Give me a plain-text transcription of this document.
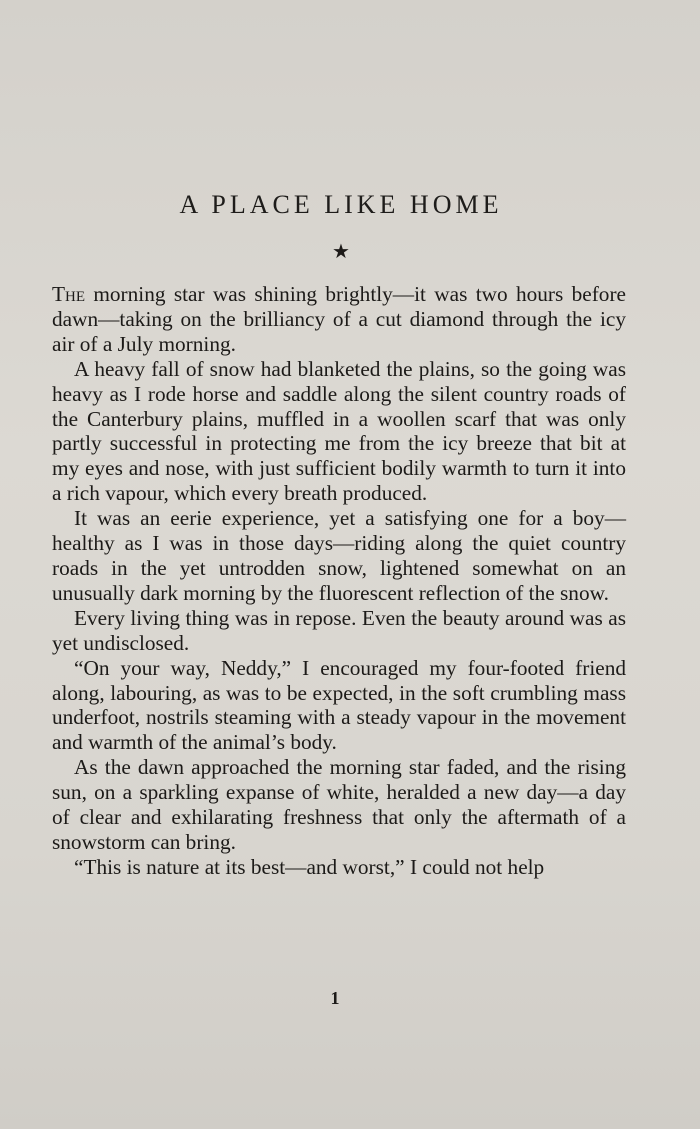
A PLACE LIKE HOME
★

The morning star was shining brightly—it was two hours before dawn—taking on the brilliancy of a cut diamond through the icy air of a July morning.

A heavy fall of snow had blanketed the plains, so the going was heavy as I rode horse and saddle along the silent country roads of the Canterbury plains, muffled in a woollen scarf that was only partly successful in protecting me from the icy breeze that bit at my eyes and nose, with just sufficient bodily warmth to turn it into a rich vapour, which every breath produced.

It was an eerie experience, yet a satisfying one for a boy—healthy as I was in those days—riding along the quiet country roads in the yet untrodden snow, lightened somewhat on an unusually dark morning by the fluorescent reflection of the snow.

Every living thing was in repose. Even the beauty around was as yet undisclosed.

“On your way, Neddy,” I encouraged my four-footed friend along, labouring, as was to be expected, in the soft crumbling mass underfoot, nostrils steaming with a steady vapour in the movement and warmth of the animal’s body.

As the dawn approached the morning star faded, and the rising sun, on a sparkling expanse of white, heralded a new day—a day of clear and exhilarating freshness that only the aftermath of a snowstorm can bring.

“This is nature at its best—and worst,” I could not help

1
